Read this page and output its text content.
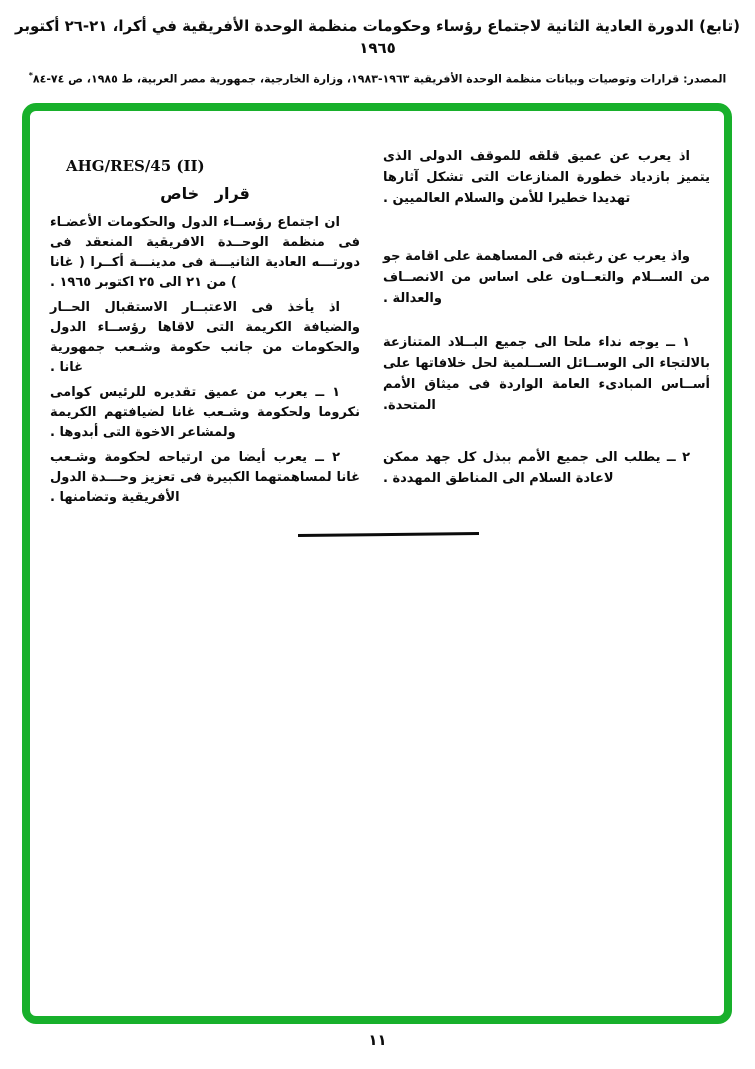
(تابع) الدورة العادية الثانية لاجتماع رؤساء وحكومات منظمة الوحدة الأفريقية في أكرا، ٢١-٢٦ أكتوبر ١٩٦٥
المصدر: قرارات وتوصيات وبيانات منظمة الوحدة الأفريقية ١٩٦٣-١٩٨٣، وزارة الخارجية، جمهورية مصر العربية، ط ١٩٨٥، ص ٧٤-٨٤*

اذ يعرب عن عميق قلقه للموقف الدولى الذى يتميز بازدياد خطورة المنازعات التى تشكل آثارها تهديدا خطيرا للأمن والسلام العالميين .

واذ يعرب عن رغبته فى المساهمة على اقامة جو من الســلام والتعــاون على اساس من الانصــاف والعدالة .

١ ــ يوجه نداء ملحا الى جميع البــلاد المتنازعة بالالتجاء الى الوســائل الســلمية لحل خلافاتها على أســاس المبادىء العامة الواردة فى ميثاق الأمم المتحدة.

٢ ــ يطلب الى جميع الأمم ببذل كل جهد ممكن لاعادة السلام الى المناطق المهددة .

AHG/RES/45 (II)

قرار خاص

ان اجتماع رؤســاء الدول والحكومات الأعضـاء فى منظمة الوحــدة الافريقية المنعقد فى دورتـــه العادية الثانيـــة فى مدينـــة أكــرا ( غانا ) من ٢١ الى ٢٥ اكتوبر ١٩٦٥ .

اذ يأخذ فى الاعتبــار الاستقبال الحــار والضيافة الكريمة التى لاقاها رؤســاء الدول والحكومات من جانب حكومة وشـعب جمهورية غانا .

١ ــ يعرب من عميق تقديره للرئيس كوامى نكروما ولحكومة وشـعب غانا لضيافتهم الكريمة ولمشاعر الاخوة التى أبدوها .

٢ ــ يعرب أيضا من ارتياحه لحكومة وشـعب غانا لمساهمتهما الكبيرة فى تعزيز وحـــدة الدول الأفريقية وتضامنها .

١١
